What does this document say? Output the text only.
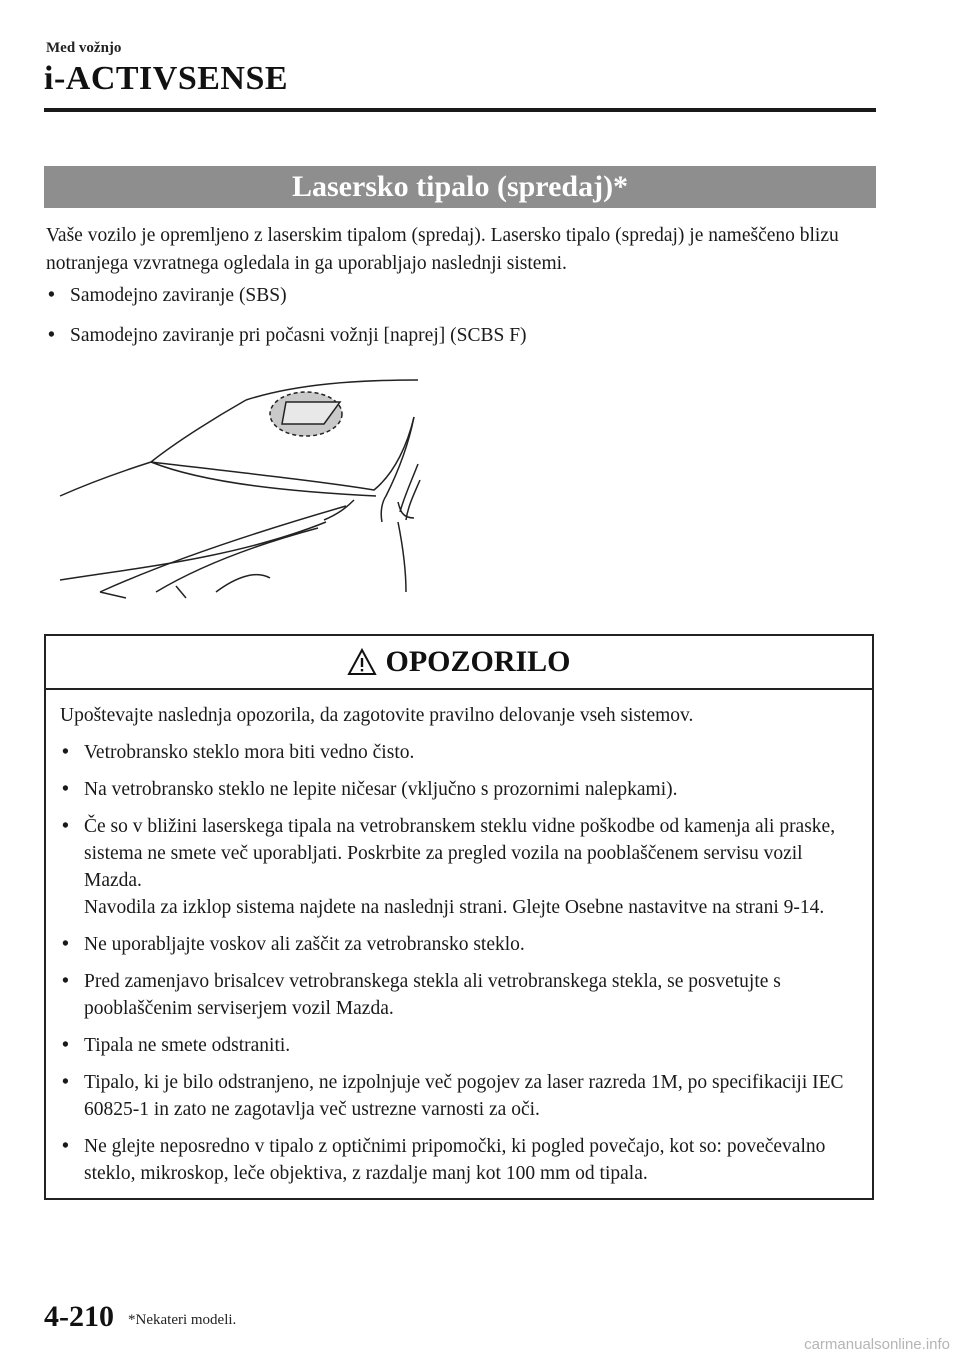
Med vožnjo
i-ACTIVSENSE
Lasersko tipalo (spredaj)*

Vaše vozilo je opremljeno z laserskim tipalom (spredaj). Lasersko tipalo (spredaj) je nameščeno blizu notranjega vzvratnega ogledala in ga uporabljajo naslednji sistemi.

• Samodejno zaviranje (SBS)
• Samodejno zaviranje pri počasni vožnji [naprej] (SCBS F)
OPOZORILO

Upoštevajte naslednja opozorila, da zagotovite pravilno delovanje vseh sistemov.

• Vetrobransko steklo mora biti vedno čisto.
• Na vetrobransko steklo ne lepite ničesar (vključno s prozornimi nalepkami).
• Če so v bližini laserskega tipala na vetrobranskem steklu vidne poškodbe od kamenja ali praske, sistema ne smete več uporabljati. Poskrbite za pregled vozila na pooblaščenem servisu vozil Mazda.
Navodila za izklop sistema najdete na naslednji strani. Glejte Osebne nastavitve na strani 9-14.
• Ne uporabljajte voskov ali zaščit za vetrobransko steklo.
• Pred zamenjavo brisalcev vetrobranskega stekla ali vetrobranskega stekla, se posvetujte s pooblaščenim serviserjem vozil Mazda.
• Tipala ne smete odstraniti.
• Tipalo, ki je bilo odstranjeno, ne izpolnjuje več pogojev za laser razreda 1M, po specifikaciji IEC 60825-1 in zato ne zagotavlja več ustrezne varnosti za oči.
• Ne glejte neposredno v tipalo z optičnimi pripomočki, ki pogled povečajo, kot so: povečevalno steklo, mikroskop, leče objektiva, z razdalje manj kot 100 mm od tipala.
4-210 *Nekateri modeli.
carmanualsonline.info
